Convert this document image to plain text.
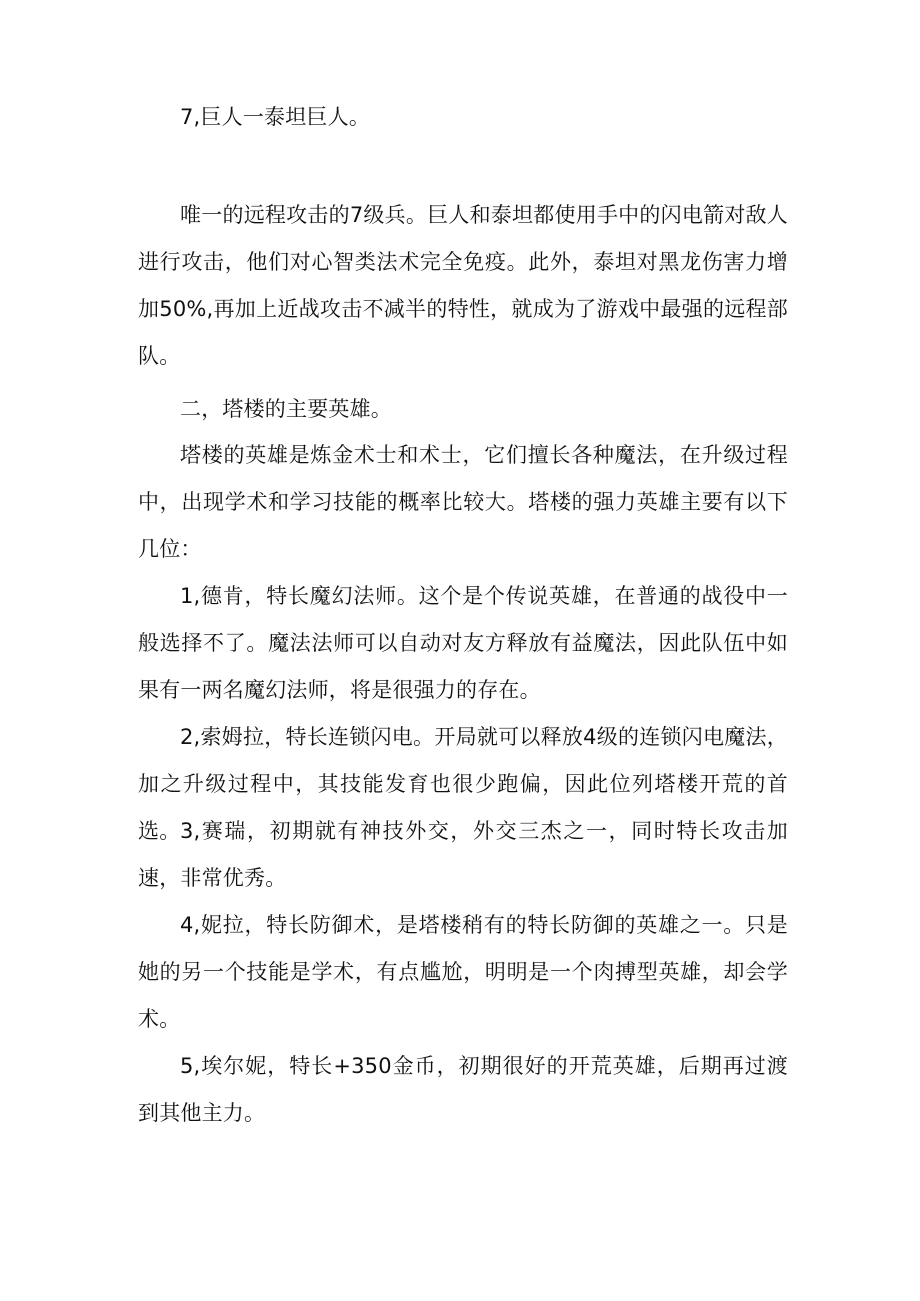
7,巨人一泰坦巨人。

唯一的远程攻击的7级兵。巨人和泰坦都使用手中的闪电箭对敌人进行攻击，他们对心智类法术完全免疫。此外，泰坦对黑龙伤害力增加50%,再加上近战攻击不减半的特性，就成为了游戏中最强的远程部队。

二，塔楼的主要英雄。

塔楼的英雄是炼金术士和术士，它们擅长各种魔法，在升级过程中，出现学术和学习技能的概率比较大。塔楼的强力英雄主要有以下几位：

1,德肯，特长魔幻法师。这个是个传说英雄，在普通的战役中一般选择不了。魔法法师可以自动对友方释放有益魔法，因此队伍中如果有一两名魔幻法师，将是很强力的存在。

2,索姆拉，特长连锁闪电。开局就可以释放4级的连锁闪电魔法，加之升级过程中，其技能发育也很少跑偏，因此位列塔楼开荒的首选。 3,赛瑞，初期就有神技外交，外交三杰之一，同时特长攻击加速，非常优秀。

4,妮拉，特长防御术，是塔楼稍有的特长防御的英雄之一。只是她的另一个技能是学术，有点尴尬，明明是一个肉搏型英雄，却会学术。

5,埃尔妮，特长+350金币，初期很好的开荒英雄，后期再过渡到其他主力。
